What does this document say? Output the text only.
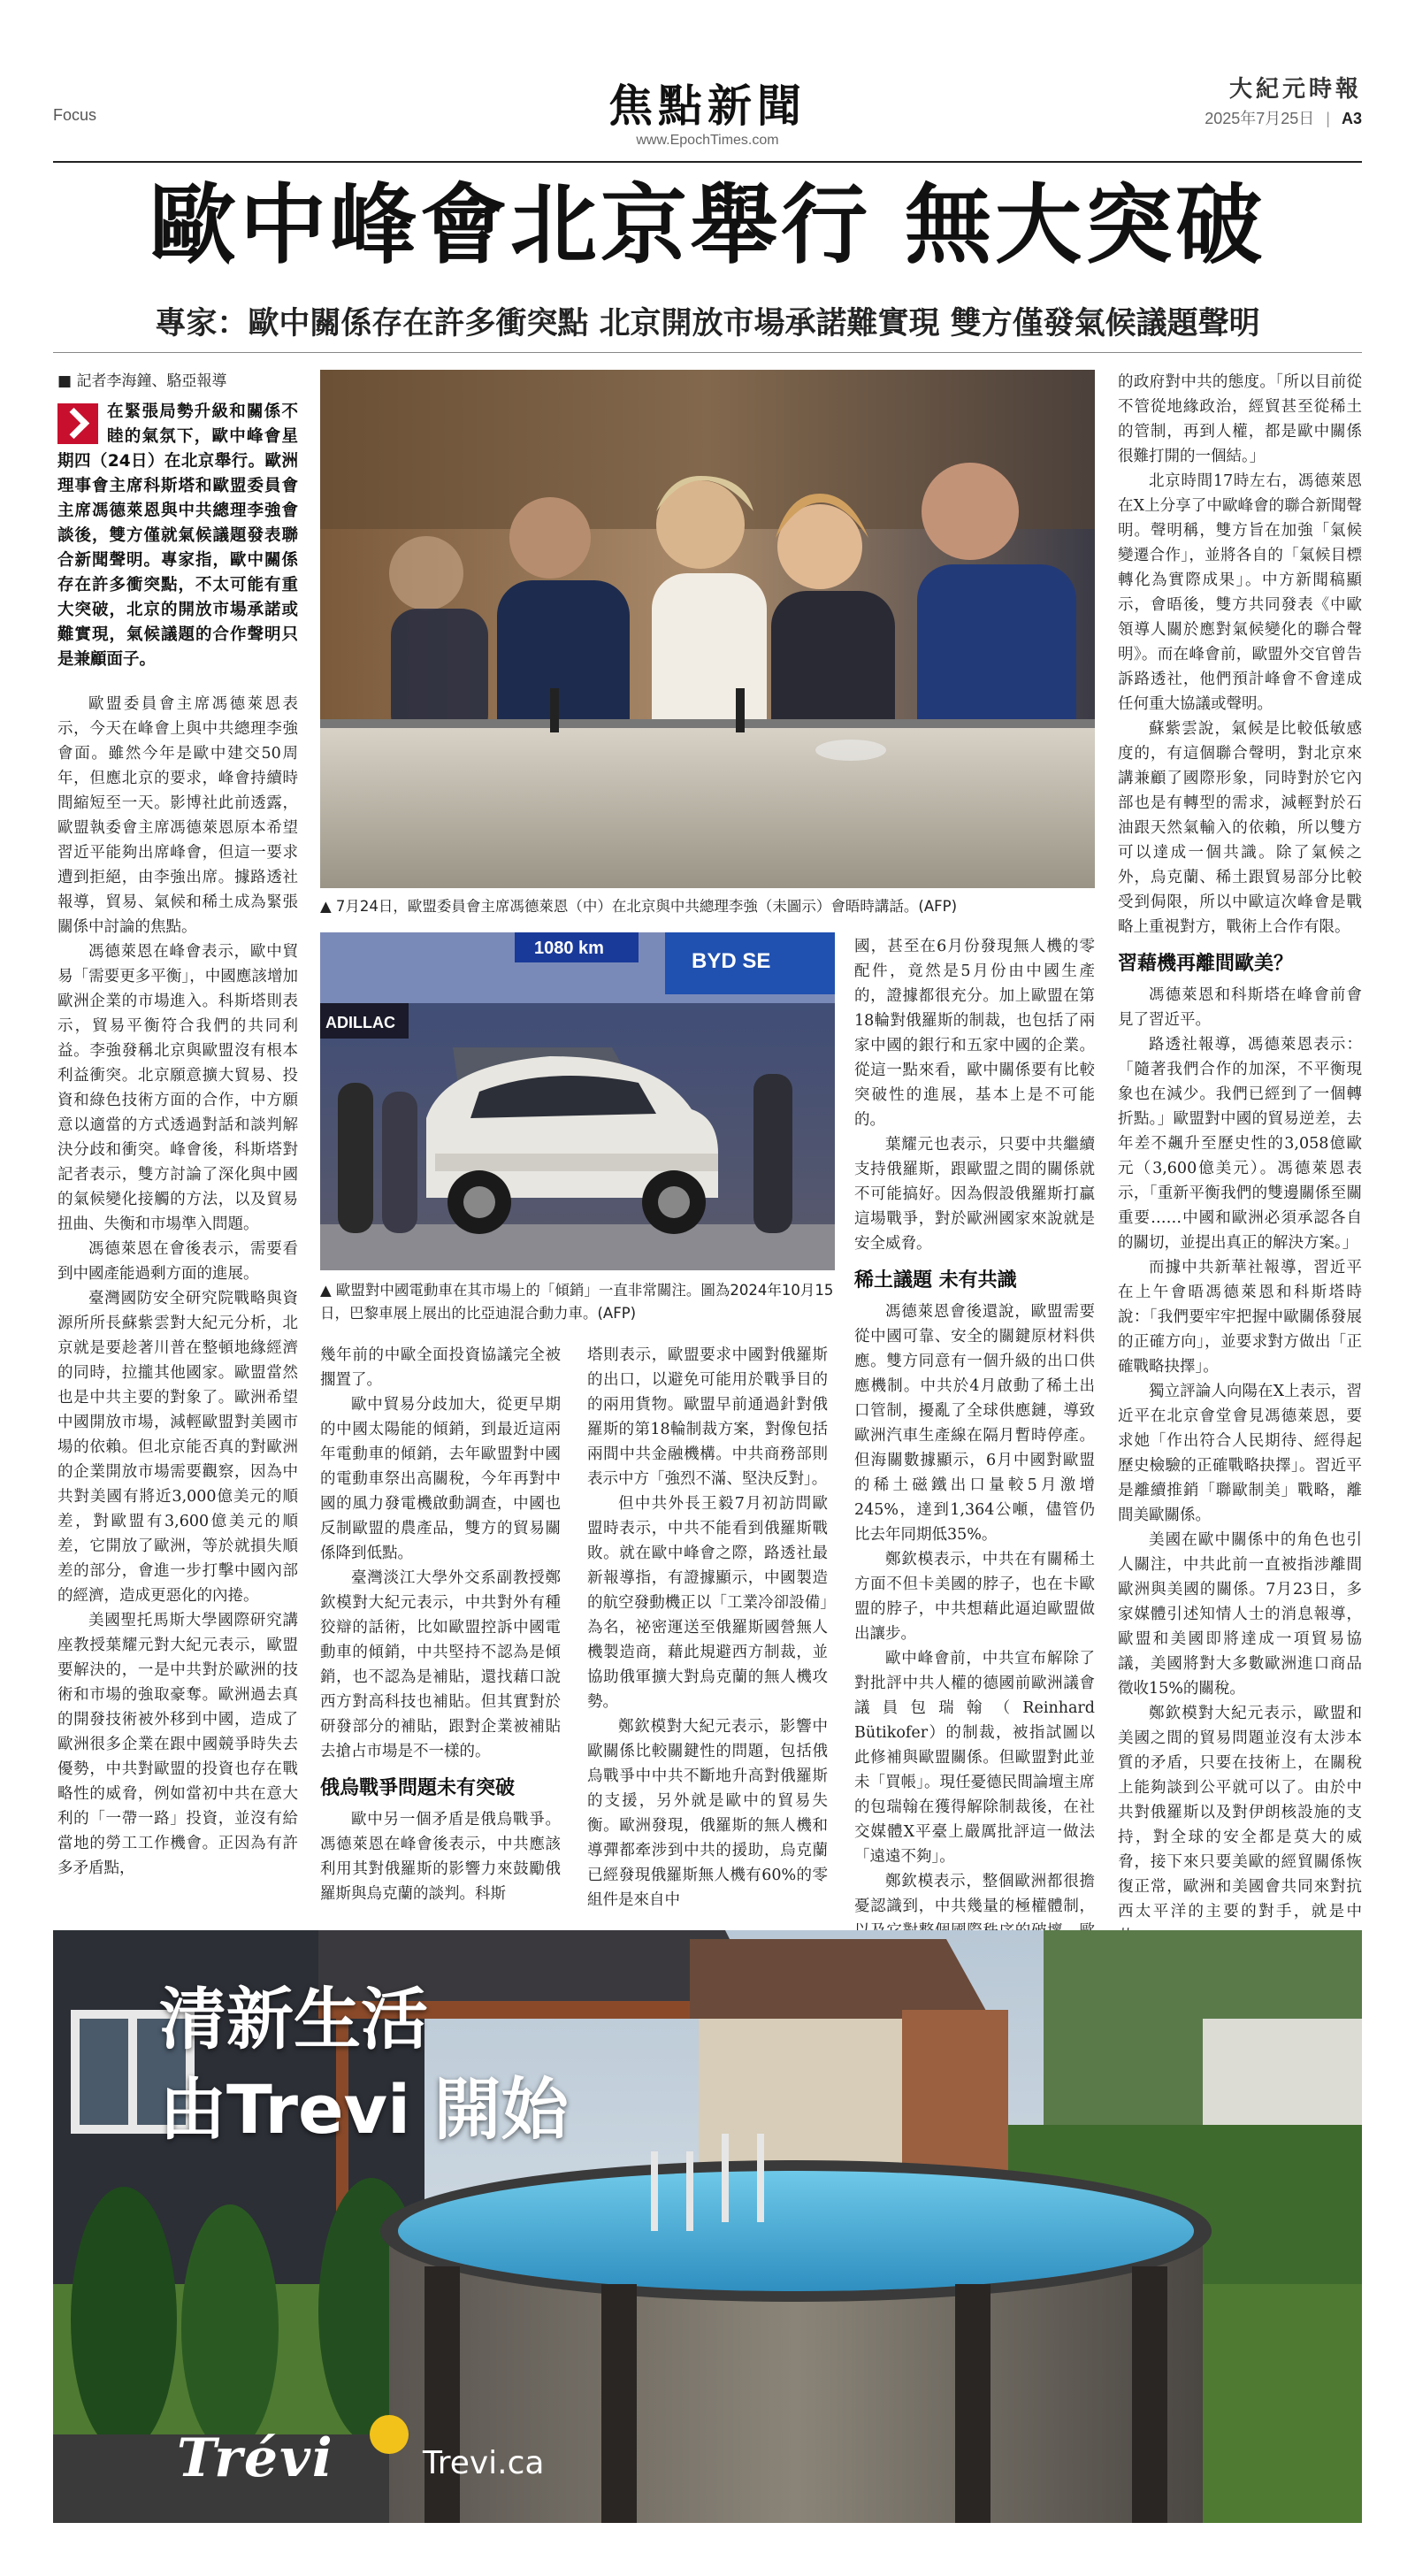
Focus	焦點新聞
www.EpochTimes.com
大紀元時報
2025年7月25日 | A3
歐中峰會北京舉行 無大突破
專家：歐中關係存在許多衝突點 北京開放市場承諾難實現 雙方僅發氣候議題聲明
■ 記者李海鐘、駱亞報導

在緊張局勢升級和關係不睦的氣氛下，歐中峰會星期四（24日）在北京舉行。歐洲理事會主席科斯塔和歐盟委員會主席馮德萊恩與中共總理李強會談後，雙方僅就氣候議題發表聯合新聞聲明。專家指，歐中關係存在許多衝突點，不太可能有重大突破，北京的開放市場承諾或難實現，氣候議題的合作聲明只是兼顧面子。

歐盟委員會主席馮德萊恩表示，今天在峰會上與中共總理李強會面。雖然今年是歐中建交50周年，但應北京的要求，峰會持續時間縮短至一天。影博社此前透露，歐盟執委會主席馮德萊恩原本希望習近平能夠出席峰會，但這一要求遭到拒絕，由李強出席。據路透社報導，貿易、氣候和稀土成為緊張關係中討論的焦點。

馮德萊恩在峰會表示，歐中貿易「需要更多平衡」，中國應該增加歐洲企業的市場進入。科斯塔則表示，貿易平衡符合我們的共同利益。李強發稱北京與歐盟沒有根本利益衝突。北京願意擴大貿易、投資和綠色技術方面的合作，中方願意以適當的方式透過對話和談判解決分歧和衝突。峰會後，科斯塔對記者表示，雙方討論了深化與中國的氣候變化接觸的方法，以及貿易扭曲、失衡和市場準入問題。

馮德萊恩在會後表示，需要看到中國產能過剩方面的進展。

臺灣國防安全研究院戰略與資源所所長蘇紫雲對大紀元分析，北京就是要趁著川普在整頓地緣經濟的同時，拉攏其他國家。歐盟當然也是中共主要的對象了。歐洲希望中國開放市場，減輕歐盟對美國市場的依賴。但北京能否真的對歐洲的企業開放市場需要觀察，因為中共對美國有將近3,000億美元的順差，對歐盟有3,600億美元的順差，它開放了歐洲，等於就損失順差的部分，會進一步打擊中國內部的經濟，造成更惡化的內捲。

美國聖托馬斯大學國際研究講座教授葉耀元對大紀元表示，歐盟要解決的，一是中共對於歐洲的技術和市場的強取豪奪。歐洲過去真的開發技術被外移到中國，造成了歐洲很多企業在跟中國競爭時失去優勢，中共對歐盟的投資也存在戰略性的威脅，例如當初中共在意大利的「一帶一路」投資，並沒有給當地的勞工工作機會。正因為有許多矛盾點，

▲ 7月24日，歐盟委員會主席馮德萊恩（中）在北京與中共總理李強（未圖示）會晤時講話。(AFP)
1080 km
BYD SE
ADILLAC
▲ 歐盟對中國電動車在其市場上的「傾銷」一直非常關注。圖為2024年10月15日，巴黎車展上展出的比亞迪混合動力車。(AFP)

幾年前的中歐全面投資協議完全被擱置了。

歐中貿易分歧加大，從更早期的中國太陽能的傾銷，到最近這兩年電動車的傾銷，去年歐盟對中國的電動車祭出高關稅，今年再對中國的風力發電機啟動調查，中國也反制歐盟的農產品，雙方的貿易關係降到低點。

臺灣淡江大學外交系副教授鄭欽模對大紀元表示，中共對外有種狡辯的話術，比如歐盟控訴中國電動車的傾銷，中共堅持不認為是傾銷，也不認為是補貼，還找藉口說西方對高科技也補貼。但其實對於研發部分的補貼，跟對企業被補貼去搶占市場是不一樣的。

俄烏戰爭問題未有突破

歐中另一個矛盾是俄烏戰爭。馮德萊恩在峰會後表示，中共應該利用其對俄羅斯的影響力來鼓勵俄羅斯與烏克蘭的談判。科斯

塔則表示，歐盟要求中國對俄羅斯的出口，以避免可能用於戰爭目的的兩用貨物。歐盟早前通過針對俄羅斯的第18輪制裁方案，對像包括兩間中共金融機構。中共商務部則表示中方「強烈不滿、堅決反對」。

但中共外長王毅7月初訪問歐盟時表示，中共不能看到俄羅斯戰敗。就在歐中峰會之際，路透社最新報導指，有證據顯示，中國製造的航空發動機正以「工業冷卻設備」為名，祕密運送至俄羅斯國營無人機製造商，藉此規避西方制裁，並協助俄軍擴大對烏克蘭的無人機攻勢。

鄭欽模對大紀元表示，影響中歐關係比較關鍵性的問題，包括俄烏戰爭中中共不斷地升高對俄羅斯的支援，另外就是歐中的貿易失衡。歐洲發現，俄羅斯的無人機和導彈都牽涉到中共的援助，烏克蘭已經發現俄羅斯無人機有60%的零組件是來自中

國，甚至在6月份發現無人機的零配件，竟然是5月份由中國生產的，證據都很充分。加上歐盟在第18輪對俄羅斯的制裁，也包括了兩家中國的銀行和五家中國的企業。從這一點來看，歐中關係要有比較突破性的進展，基本上是不可能的。

葉耀元也表示，只要中共繼續支持俄羅斯，跟歐盟之間的關係就不可能搞好。因為假設俄羅斯打贏這場戰爭，對於歐洲國家來說就是安全威脅。

稀土議題 未有共識

馮德萊恩會後還說，歐盟需要從中國可靠、安全的關鍵原材料供應。雙方同意有一個升級的出口供應機制。中共於4月啟動了稀土出口管制，擾亂了全球供應鏈，導致歐洲汽車生產線在隔月暫時停產。但海關數據顯示，6月中國對歐盟的稀土磁鐵出口量較5月激增245%，達到1,364公噸，儘管仍比去年同期低35%。

鄭欽模表示，中共在有關稀土方面不但卡美國的脖子，也在卡歐盟的脖子，中共想藉此逼迫歐盟做出讓步。

歐中峰會前，中共宣布解除了對批評中共人權的德國前歐洲議會議員包瑞翰（Reinhard Bütikofer）的制裁，被指試圖以此修補與歐盟關係。但歐盟對此並未「買帳」。現任憂德民間論壇主席的包瑞翰在獲得解除制裁後，在社交媒體X平臺上嚴厲批評這一做法「遠遠不夠」。

鄭欽模表示，整個歐洲都很擔憂認識到，中共幾量的極權體制，

的政府對中共的態度。「所以目前從不管從地緣政治，經貿甚至從稀土的管制，再到人權，都是歐中關係很難打開的一個結。」

北京時間17時左右，馮德萊恩在X上分享了中歐峰會的聯合新聞聲明。聲明稱，雙方旨在加強「氣候變遷合作」，並將各自的「氣候目標轉化為實際成果」。中方新聞稿顯示，會晤後，雙方共同發表《中歐領導人關於應對氣候變化的聯合聲明》。而在峰會前，歐盟外交官曾告訴路透社，他們預計峰會不會達成任何重大協議或聲明。

蘇紫雲說，氣候是比較低敏感度的，有這個聯合聲明，對北京來講兼顧了國際形象，同時對於它內部也是有轉型的需求，減輕對於石油跟天然氣輸入的依賴，所以雙方可以達成一個共識。除了氣候之外，烏克蘭、稀土跟貿易部分比較受到侷限，所以中歐這次峰會是戰略上重視對方，戰術上合作有限。

習藉機再離間歐美？

馮德萊恩和科斯塔在峰會前會見了習近平。

路透社報導，馮德萊恩表示：「隨著我們合作的加深，不平衡現象也在減少。我們已經到了一個轉折點。」歐盟對中國的貿易逆差，去年差不飆升至歷史性的3,058億歐元（3,600億美元）。馮德萊恩表示，「重新平衡我們的雙邊關係至關重要……中國和歐洲必須承認各自的關切，並提出真正的解決方案。」

而據中共新華社報導，習近平在上午會晤馮德萊恩和科斯塔時說：「我們要牢牢把握中歐關係發展的正確方向」，並要求對方做出「正確戰略抉擇」。

獨立評論人向陽在X上表示，習近平在北京會堂會見馮德萊恩，要求她「作出符合人民期待、經得起歷史檢驗的正確戰略抉擇」。習近平是離續推銷「聯歐制美」戰略，離間美歐關係。

美國在歐中關係中的角色也引人關注，中共此前一直被指涉離間歐洲與美國的關係。7月23日，多家媒體引述知情人士的消息報導，歐盟和美國即將達成一項貿易協議，美國將對大多數歐洲進口商品徵收15%的關稅。

鄭欽模對大紀元表示，歐盟和美國之間的貿易問題並沒有太涉本質的矛盾，只要在技術上，在關稅上能夠談到公平就可以了。由於中共對俄羅斯以及對伊朗核設施的支持，對全球的安全都是莫大的威脅，接下來只要美歐的經貿關係恢復正常，歐洲和美國會共同來對抗西太平洋的主要的對手，就是中

清新生活
由Trevi 開始
Trévi	Trevi.ca
